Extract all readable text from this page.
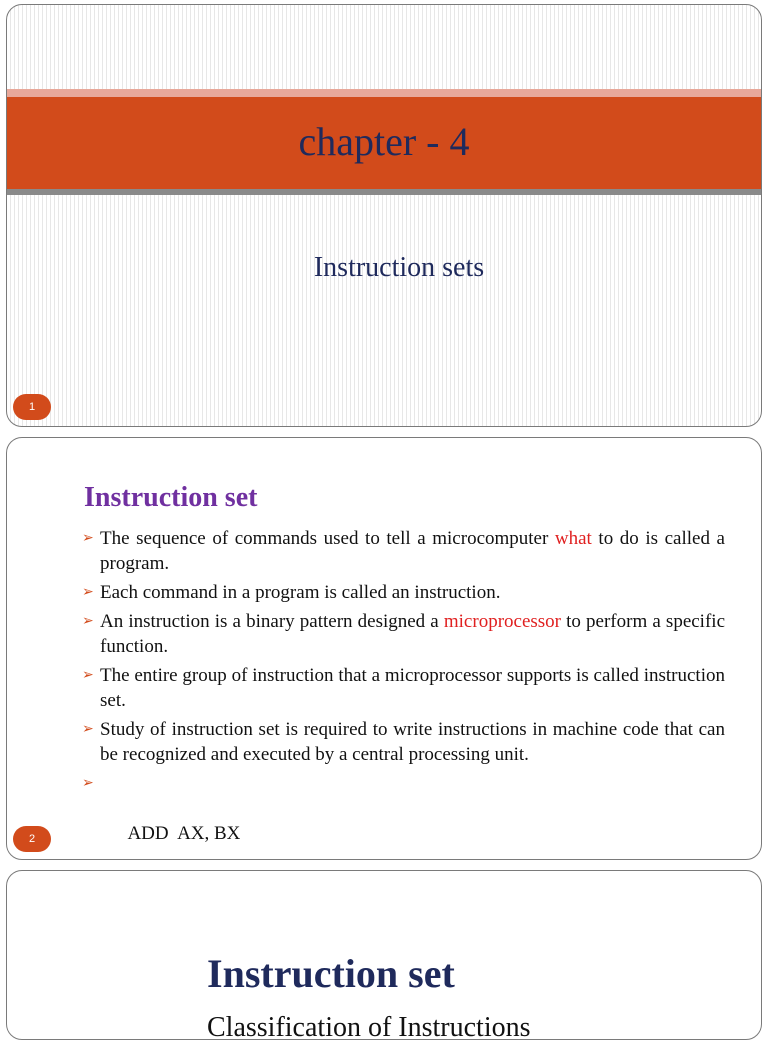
chapter - 4
Instruction sets
1
Instruction set
➢ The sequence of commands used to tell a microcomputer what to do is called a program.
➢ Each command in a program is called an instruction.
➢ An instruction is a binary pattern designed a microprocessor to perform a specific function.
➢ The entire group of instruction that a microprocessor supports is called instruction set.
➢ Study of instruction set is required to write instructions in machine code that can be recognized and executed by a central processing unit.

➢

ADD  AX, BX

2
Instruction set
Classification of Instructions
